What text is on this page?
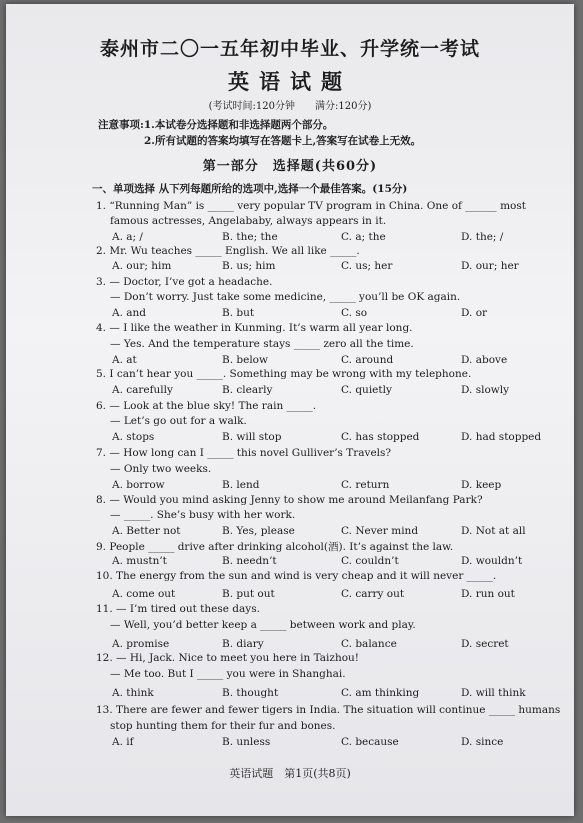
泰州市二〇一五年初中毕业、升学统一考试
英语试题
(考试时间:120分钟　　满分:120分)
注意事项:1.本试卷分选择题和非选择题两个部分。
2.所有试题的答案均填写在答题卡上,答案写在试卷上无效。
第一部分　选择题(共60分)
一、单项选择 从下列每题所给的选项中,选择一个最佳答案。(15分)
1. “Running Man” is _____ very popular TV program in China. One of ______ most
famous actresses, Angelababy, always appears in it.
A. a; /	B. the; the	C. a; the	D. the; /
2. Mr. Wu teaches _____ English. We all like _____.
A. our; him	B. us; him	C. us; her	D. our; her
3. — Doctor, I’ve got a headache.
— Don’t worry. Just take some medicine, _____ you’ll be OK again.
A. and	B. but	C. so	D. or
4. — I like the weather in Kunming. It’s warm all year long.
— Yes. And the temperature stays _____ zero all the time.
A. at	B. below	C. around	D. above
5. I can’t hear you _____. Something may be wrong with my telephone.
A. carefully	B. clearly	C. quietly	D. slowly
6. — Look at the blue sky! The rain _____.
— Let’s go out for a walk.
A. stops	B. will stop	C. has stopped	D. had stopped
7. — How long can I _____ this novel Gulliver’s Travels?
— Only two weeks.
A. borrow	B. lend	C. return	D. keep
8. — Would you mind asking Jenny to show me around Meilanfang Park?
— _____. She’s busy with her work.
A. Better not	B. Yes, please	C. Never mind	D. Not at all
9. People _____ drive after drinking alcohol(酒). It’s against the law.
A. mustn’t	B. needn’t	C. couldn’t	D. wouldn’t
10. The energy from the sun and wind is very cheap and it will never _____.
A. come out	B. put out	C. carry out	D. run out
11. — I’m tired out these days.
— Well, you’d better keep a _____ between work and play.
A. promise	B. diary	C. balance	D. secret
12. — Hi, Jack. Nice to meet you here in Taizhou!
— Me too. But I _____ you were in Shanghai.
A. think	B. thought	C. am thinking	D. will think
13. There are fewer and fewer tigers in India. The situation will continue _____ humans
stop hunting them for their fur and bones.
A. if	B. unless	C. because	D. since
英语试题　第1页(共8页)
